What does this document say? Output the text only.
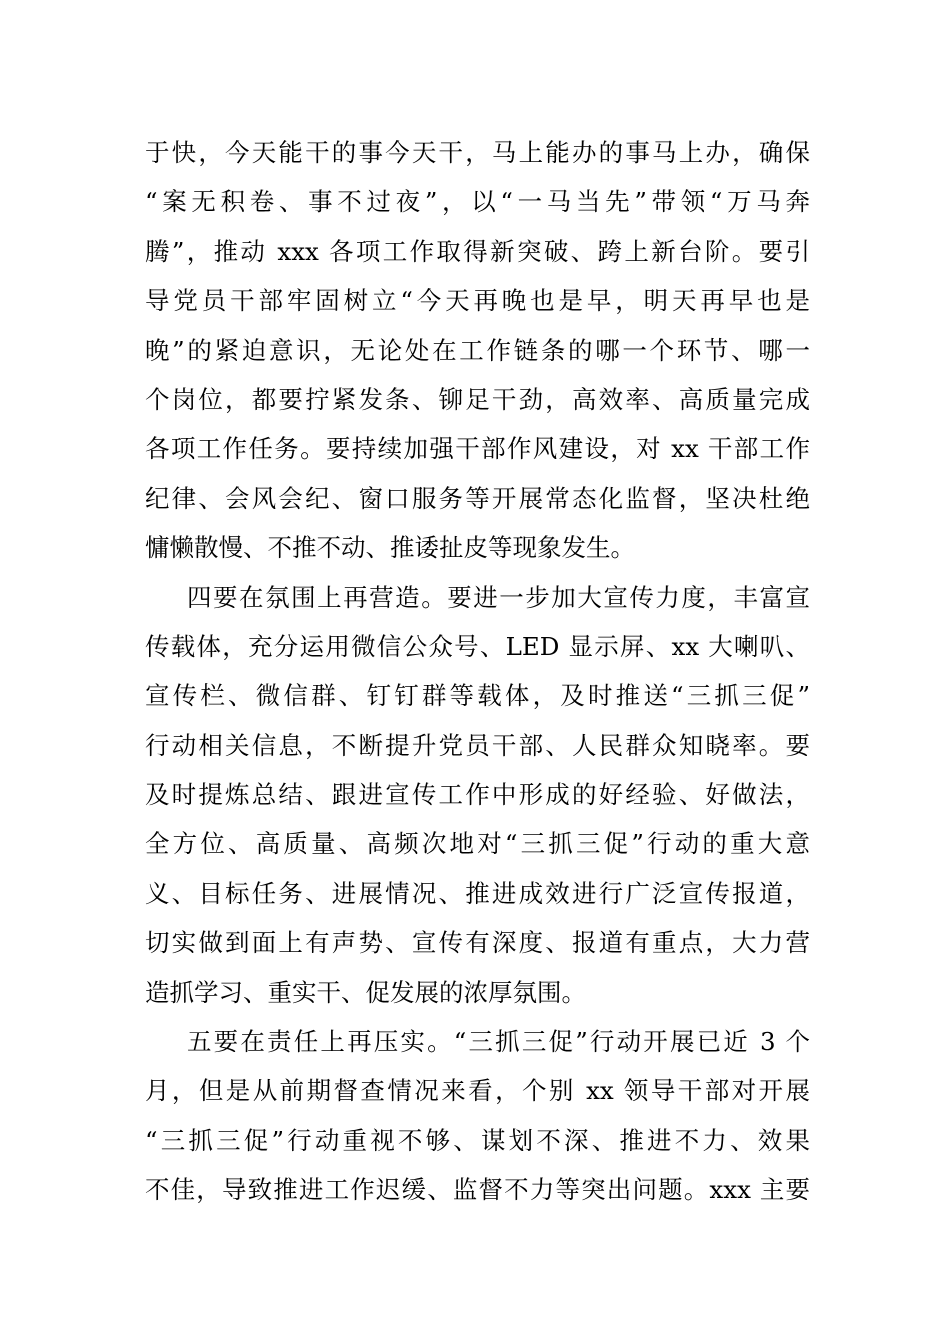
于快，今天能干的事今天干，马上能办的事马上办，确保
“案无积卷、事不过夜”，以“一马当先”带领“万马奔
腾”，推动 xxx 各项工作取得新突破、跨上新台阶。要引
导党员干部牢固树立“今天再晚也是早，明天再早也是
晚”的紧迫意识，无论处在工作链条的哪一个环节、哪一
个岗位，都要拧紧发条、铆足干劲，高效率、高质量完成
各项工作任务。要持续加强干部作风建设，对 xx 干部工作
纪律、会风会纪、窗口服务等开展常态化监督，坚决杜绝
慵懒散慢、不推不动、推诿扯皮等现象发生。
四要在氛围上再营造。要进一步加大宣传力度，丰富宣
传载体，充分运用微信公众号、LED 显示屏、xx 大喇叭、
宣传栏、微信群、钉钉群等载体，及时推送“三抓三促”
行动相关信息，不断提升党员干部、人民群众知晓率。要
及时提炼总结、跟进宣传工作中形成的好经验、好做法，
全方位、高质量、高频次地对“三抓三促”行动的重大意
义、目标任务、进展情况、推进成效进行广泛宣传报道，
切实做到面上有声势、宣传有深度、报道有重点，大力营
造抓学习、重实干、促发展的浓厚氛围。
五要在责任上再压实。“三抓三促”行动开展已近 3 个
月，但是从前期督查情况来看，个别 xx 领导干部对开展
“三抓三促”行动重视不够、谋划不深、推进不力、效果
不佳，导致推进工作迟缓、监督不力等突出问题。xxx 主要
